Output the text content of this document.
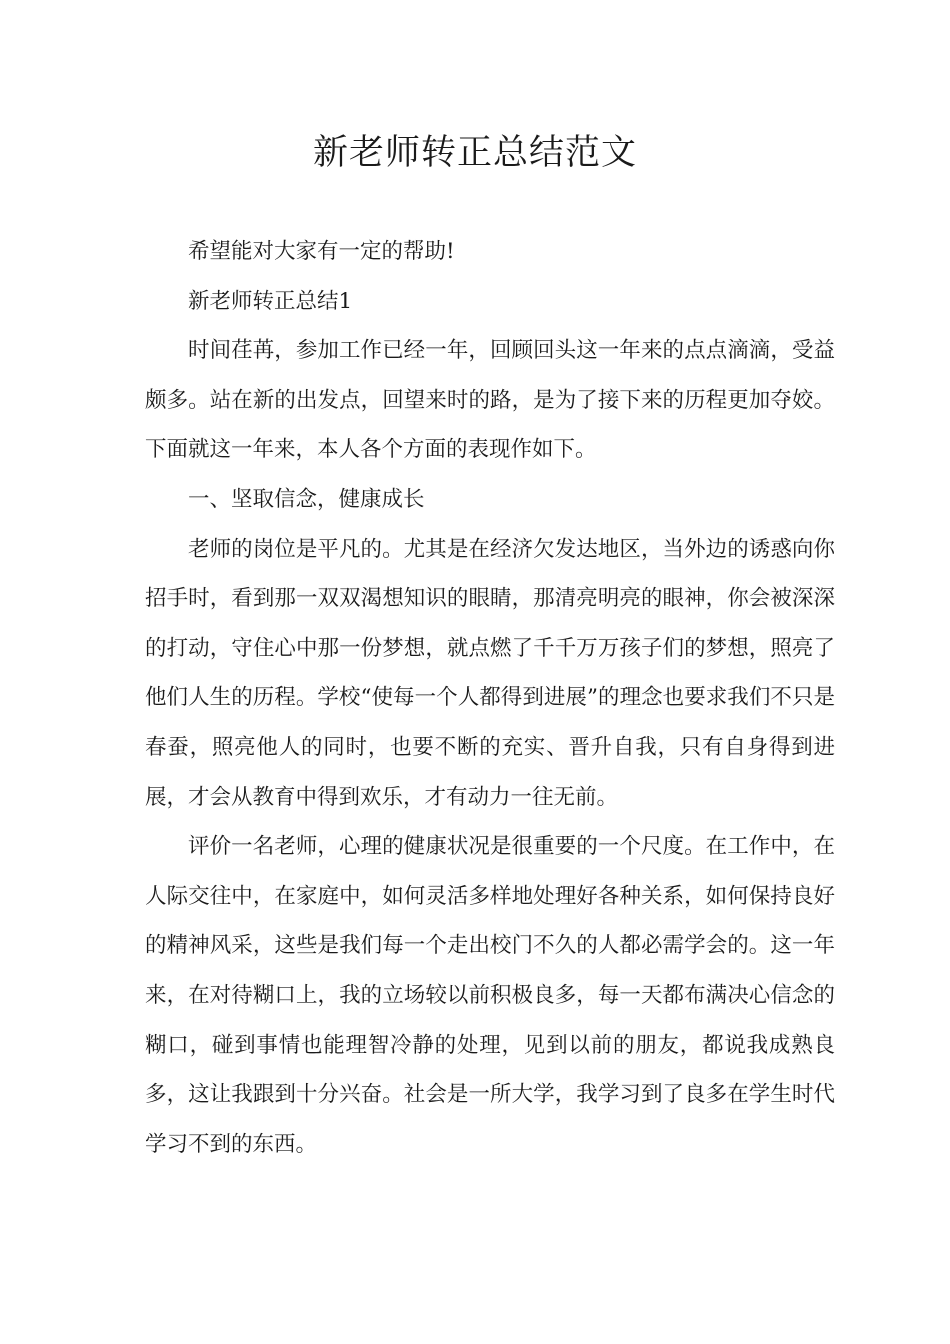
新老师转正总结范文

希望能对大家有一定的帮助!

新老师转正总结1

时间荏苒，参加工作已经一年，回顾回头这一年来的点点滴滴，受益颇多。站在新的出发点，回望来时的路，是为了接下来的历程更加夺姣。下面就这一年来，本人各个方面的表现作如下。

一、坚取信念，健康成长

老师的岗位是平凡的。尤其是在经济欠发达地区，当外边的诱惑向你招手时，看到那一双双渴想知识的眼睛，那清亮明亮的眼神，你会被深深的打动，守住心中那一份梦想，就点燃了千千万万孩子们的梦想，照亮了他们人生的历程。学校“使每一个人都得到进展”的理念也要求我们不只是春蚕，照亮他人的同时，也要不断的充实、晋升自我，只有自身得到进展，才会从教育中得到欢乐，才有动力一往无前。

评价一名老师，心理的健康状况是很重要的一个尺度。在工作中，在人际交往中，在家庭中，如何灵活多样地处理好各种关系，如何保持良好的精神风采，这些是我们每一个走出校门不久的人都必需学会的。这一年来，在对待糊口上，我的立场较以前积极良多，每一天都布满决心信念的糊口，碰到事情也能理智冷静的处理，见到以前的朋友，都说我成熟良多，这让我跟到十分兴奋。社会是一所大学，我学习到了良多在学生时代学习不到的东西。
